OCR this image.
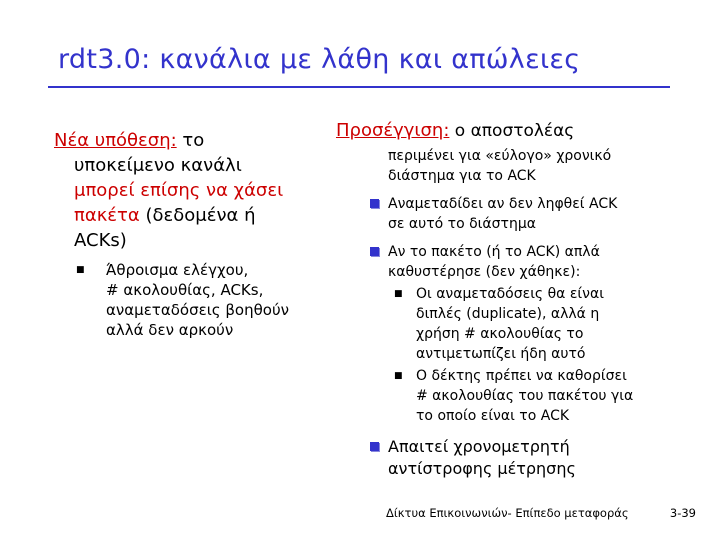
rdt3.0: κανάλια με λάθη και απώλειες
Νέα υπόθεση: το
υποκείμενο κανάλι
μπορεί επίσης να χάσει
πακέτα (δεδομένα ή
ACKs)
■ Άθροισμα ελέγχου,
# ακολουθίας, ACKs,
αναμεταδόσεις βοηθούν
αλλά δεν αρκούν
Προσέγγιση: ο αποστολέας
περιμένει για «εύλογο» χρονικό
διάστημα για το ACK
Αναμεταδίδει αν δεν ληφθεί ACK
σε αυτό το διάστημα
Αν το πακέτο (ή το ACK) απλά
καθυστέρησε (δεν χάθηκε):
■ Οι αναμεταδόσεις θα είναι
διπλές (duplicate), αλλά η
χρήση # ακολουθίας το
αντιμετωπίζει ήδη αυτό
■ Ο δέκτης πρέπει να καθορίσει
# ακολουθίας του πακέτου για
το οποίο είναι το ACK
Απαιτεί χρονομετρητή
αντίστροφης μέτρησης
Δίκτυα Επικοινωνιών- Επίπεδο μεταφοράς	3-39
